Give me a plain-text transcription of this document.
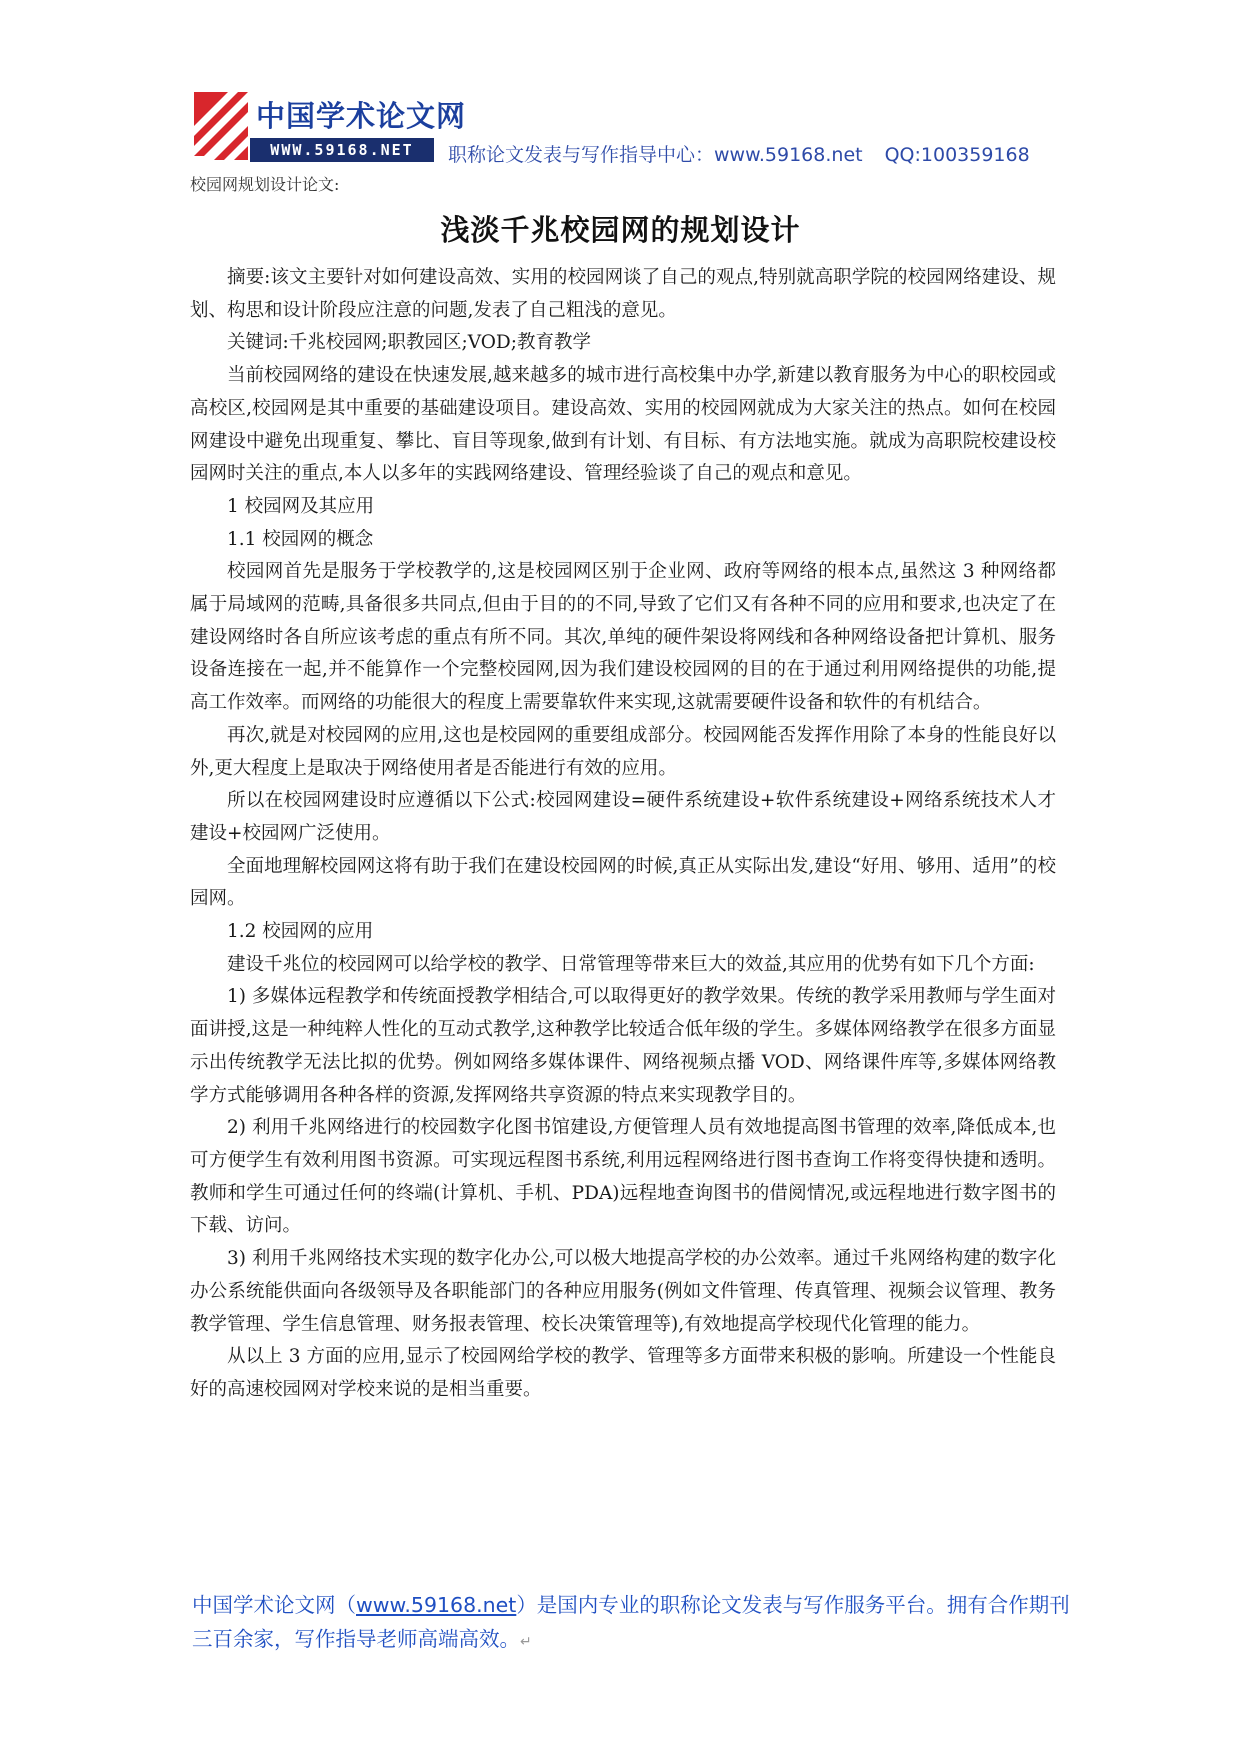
中国学术论文网
WWW.59168.NET	职称论文发表与写作指导中心：www.59168.net QQ:100359168
校园网规划设计论文:
浅淡千兆校园网的规划设计

摘要:该文主要针对如何建设高效、实用的校园网谈了自己的观点,特别就高职学院的校园网络建设、规划、构思和设计阶段应注意的问题,发表了自己粗浅的意见。

关键词:千兆校园网;职教园区;VOD;教育教学

当前校园网络的建设在快速发展,越来越多的城市进行高校集中办学,新建以教育服务为中心的职校园或高校区,校园网是其中重要的基础建设项目。建设高效、实用的校园网就成为大家关注的热点。如何在校园网建设中避免出现重复、攀比、盲目等现象,做到有计划、有目标、有方法地实施。就成为高职院校建设校园网时关注的重点,本人以多年的实践网络建设、管理经验谈了自己的观点和意见。

1 校园网及其应用

1.1 校园网的概念

校园网首先是服务于学校教学的,这是校园网区别于企业网、政府等网络的根本点,虽然这 3 种网络都属于局域网的范畴,具备很多共同点,但由于目的的不同,导致了它们又有各种不同的应用和要求,也决定了在建设网络时各自所应该考虑的重点有所不同。其次,单纯的硬件架设将网线和各种网络设备把计算机、服务设备连接在一起,并不能算作一个完整校园网,因为我们建设校园网的目的在于通过利用网络提供的功能,提高工作效率。而网络的功能很大的程度上需要靠软件来实现,这就需要硬件设备和软件的有机结合。

再次,就是对校园网的应用,这也是校园网的重要组成部分。校园网能否发挥作用除了本身的性能良好以外,更大程度上是取决于网络使用者是否能进行有效的应用。

所以在校园网建设时应遵循以下公式:校园网建设=硬件系统建设+软件系统建设+网络系统技术人才建设+校园网广泛使用。

全面地理解校园网这将有助于我们在建设校园网的时候,真正从实际出发,建设“好用、够用、适用”的校园网。

1.2 校园网的应用

建设千兆位的校园网可以给学校的教学、日常管理等带来巨大的效益,其应用的优势有如下几个方面:

1) 多媒体远程教学和传统面授教学相结合,可以取得更好的教学效果。传统的教学采用教师与学生面对面讲授,这是一种纯粹人性化的互动式教学,这种教学比较适合低年级的学生。多媒体网络教学在很多方面显示出传统教学无法比拟的优势。例如网络多媒体课件、网络视频点播 VOD、网络课件库等,多媒体网络教学方式能够调用各种各样的资源,发挥网络共享资源的特点来实现教学目的。

2) 利用千兆网络进行的校园数字化图书馆建设,方便管理人员有效地提高图书管理的效率,降低成本,也可方便学生有效利用图书资源。可实现远程图书系统,利用远程网络进行图书查询工作将变得快捷和透明。教师和学生可通过任何的终端(计算机、手机、PDA)远程地查询图书的借阅情况,或远程地进行数字图书的下载、访问。

3) 利用千兆网络技术实现的数字化办公,可以极大地提高学校的办公效率。通过千兆网络构建的数字化办公系统能供面向各级领导及各职能部门的各种应用服务(例如文件管理、传真管理、视频会议管理、教务教学管理、学生信息管理、财务报表管理、校长决策管理等),有效地提高学校现代化管理的能力。

从以上 3 方面的应用,显示了校园网给学校的教学、管理等多方面带来积极的影响。所建设一个性能良好的高速校园网对学校来说的是相当重要。

中国学术论文网（www.59168.net）是国内专业的职称论文发表与写作服务平台。拥有合作期刊三百余家，写作指导老师高端高效。↵
